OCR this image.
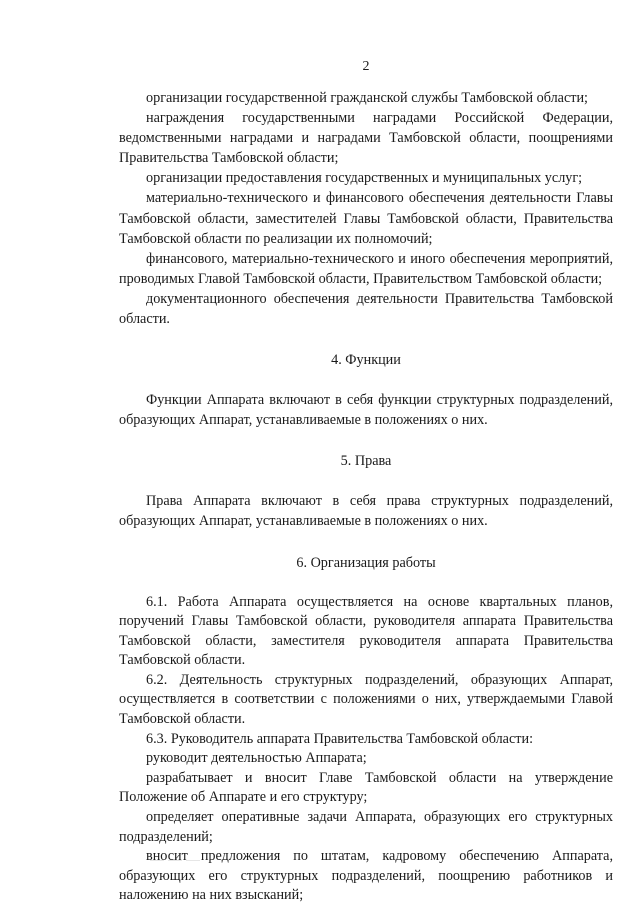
2

организации государственной гражданской службы Тамбовской области;

награждения государственными наградами Российской Федерации, ведомственными наградами и наградами Тамбовской области, поощрениями Правительства Тамбовской области;

организации предоставления государственных и муниципальных услуг;

материально-технического и финансового обеспечения деятельности Главы Тамбовской области, заместителей Главы Тамбовской области, Правительства Тамбовской области по реализации их полномочий;

финансового, материально-технического и иного обеспечения мероприятий, проводимых Главой Тамбовской области, Правительством Тамбовской области;

документационного обеспечения деятельности Правительства Тамбовской области.

4. Функции

Функции Аппарата включают в себя функции структурных подразделений, образующих Аппарат, устанавливаемые в положениях о них.

5. Права

Права Аппарата включают в себя права структурных подразделений, образующих Аппарат, устанавливаемые в положениях о них.

6. Организация работы

6.1. Работа Аппарата осуществляется на основе квартальных планов, поручений Главы Тамбовской области, руководителя аппарата Правительства Тамбовской области, заместителя руководителя аппарата Правительства Тамбовской области.

6.2. Деятельность структурных подразделений, образующих Аппарат, осуществляется в соответствии с положениями о них, утверждаемыми Главой Тамбовской области.

6.3. Руководитель аппарата Правительства Тамбовской области:

руководит деятельностью Аппарата;

разрабатывает и вносит Главе Тамбовской области на утверждение Положение об Аппарате и его структуру;

определяет оперативные задачи Аппарата, образующих его структурных подразделений;

вносит предложения по штатам, кадровому обеспечению Аппарата, образующих его структурных подразделений, поощрению работников и наложению на них взысканий;
